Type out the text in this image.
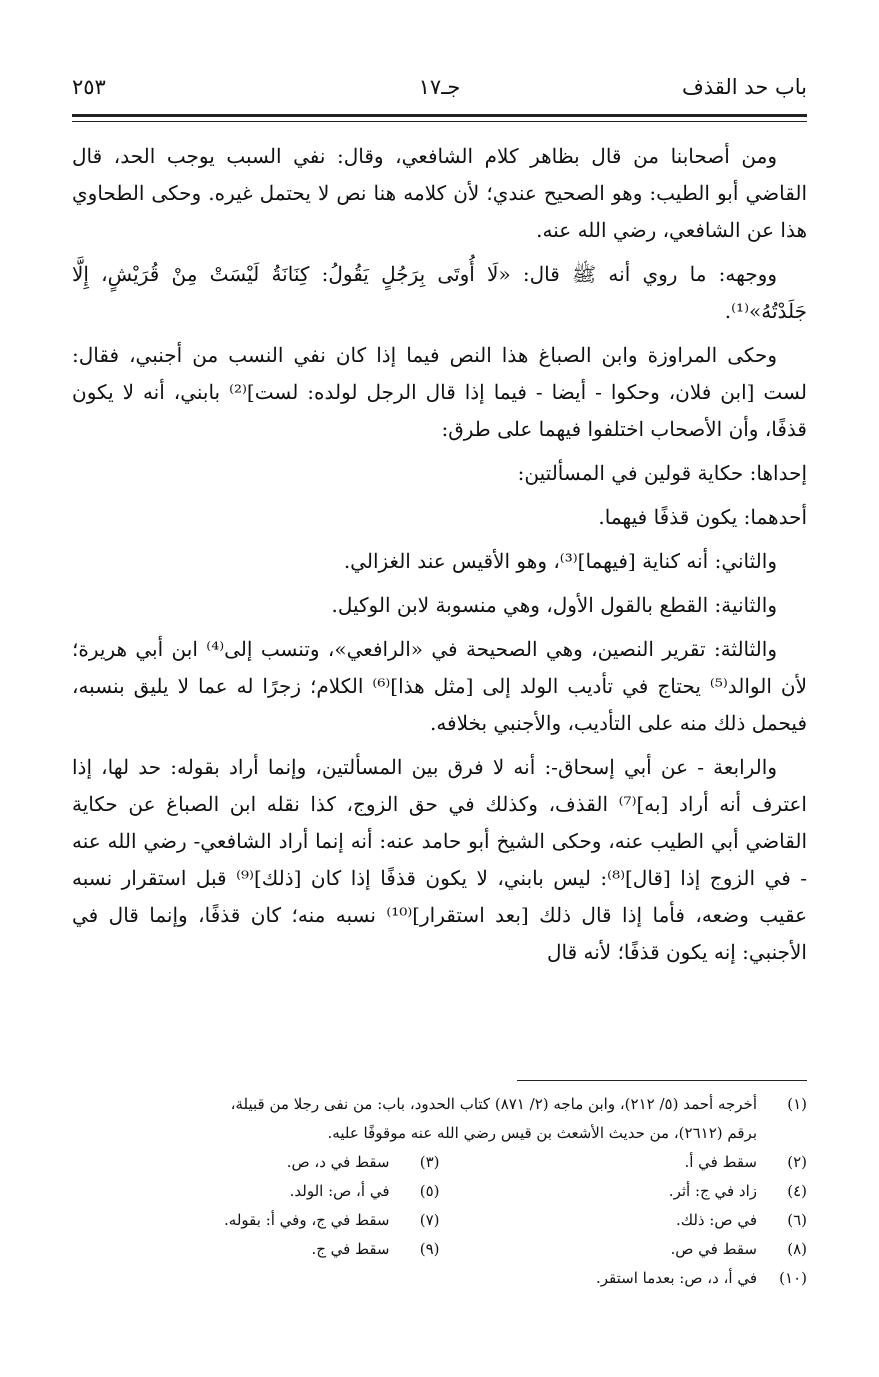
باب حد القذف
جـ١٧
٢٥٣

ومن أصحابنا من قال بظاهر كلام الشافعي، وقال: نفي السبب يوجب الحد، قال القاضي أبو الطيب: وهو الصحيح عندي؛ لأن كلامه هنا نص لا يحتمل غيره. وحكى الطحاوي هذا عن الشافعي، رضي الله عنه.

ووجهه: ما روي أنه ﷺ قال: «لَا أُوتَى بِرَجُلٍ يَقُولُ: كِنَانَةُ لَيْسَتْ مِنْ قُرَيْشٍ، إِلَّا جَلَدْتُهُ»⁽¹⁾.

وحكى المراوزة وابن الصباغ هذا النص فيما إذا كان نفي النسب من أجنبي، فقال: لست [ابن فلان، وحكوا - أيضا - فيما إذا قال الرجل لولده: لست]⁽²⁾ بابني، أنه لا يكون قذفًا، وأن الأصحاب اختلفوا فيهما على طرق:

إحداها: حكاية قولين في المسألتين:

أحدهما: يكون قذفًا فيهما.

والثاني: أنه كناية [فيهما]⁽³⁾، وهو الأقيس عند الغزالي.

والثانية: القطع بالقول الأول، وهي منسوبة لابن الوكيل.

والثالثة: تقرير النصين، وهي الصحيحة في «الرافعي»، وتنسب إلى⁽⁴⁾ ابن أبي هريرة؛ لأن الوالد⁽⁵⁾ يحتاج في تأديب الولد إلى [مثل هذا]⁽⁶⁾ الكلام؛ زجرًا له عما لا يليق بنسبه، فيحمل ذلك منه على التأديب، والأجنبي بخلافه.

والرابعة - عن أبي إسحاق-: أنه لا فرق بين المسألتين، وإنما أراد بقوله: حد لها، إذا اعترف أنه أراد [به]⁽⁷⁾ القذف، وكذلك في حق الزوج، كذا نقله ابن الصباغ عن حكاية القاضي أبي الطيب عنه، وحكى الشيخ أبو حامد عنه: أنه إنما أراد الشافعي- رضي الله عنه - في الزوج إذا [قال]⁽⁸⁾: ليس بابني، لا يكون قذفًا إذا كان [ذلك]⁽⁹⁾ قبل استقرار نسبه عقيب وضعه، فأما إذا قال ذلك [بعد استقرار]⁽¹⁰⁾ نسبه منه؛ كان قذفًا، وإنما قال في الأجنبي: إنه يكون قذفًا؛ لأنه قال

(١)
أخرجه أحمد (٥/ ٢١٢)، وابن ماجه (٢/ ٨٧١) كتاب الحدود، باب: من نفى رجلا من قبيلة،
برقم (٢٦١٢)، من حديث الأشعث بن قيس رضي الله عنه موقوفًا عليه.
(٢)
سقط في أ.
(٣)
سقط في د، ص.
(٤)
زاد في ج: أثر.
(٥)
في أ، ص: الولد.
(٦)
في ص: ذلك.
(٧)
سقط في ج، وفي أ: بقوله.
(٨)
سقط في ص.
(٩)
سقط في ج.
(١٠)
في أ، د، ص: بعدما استقر.
